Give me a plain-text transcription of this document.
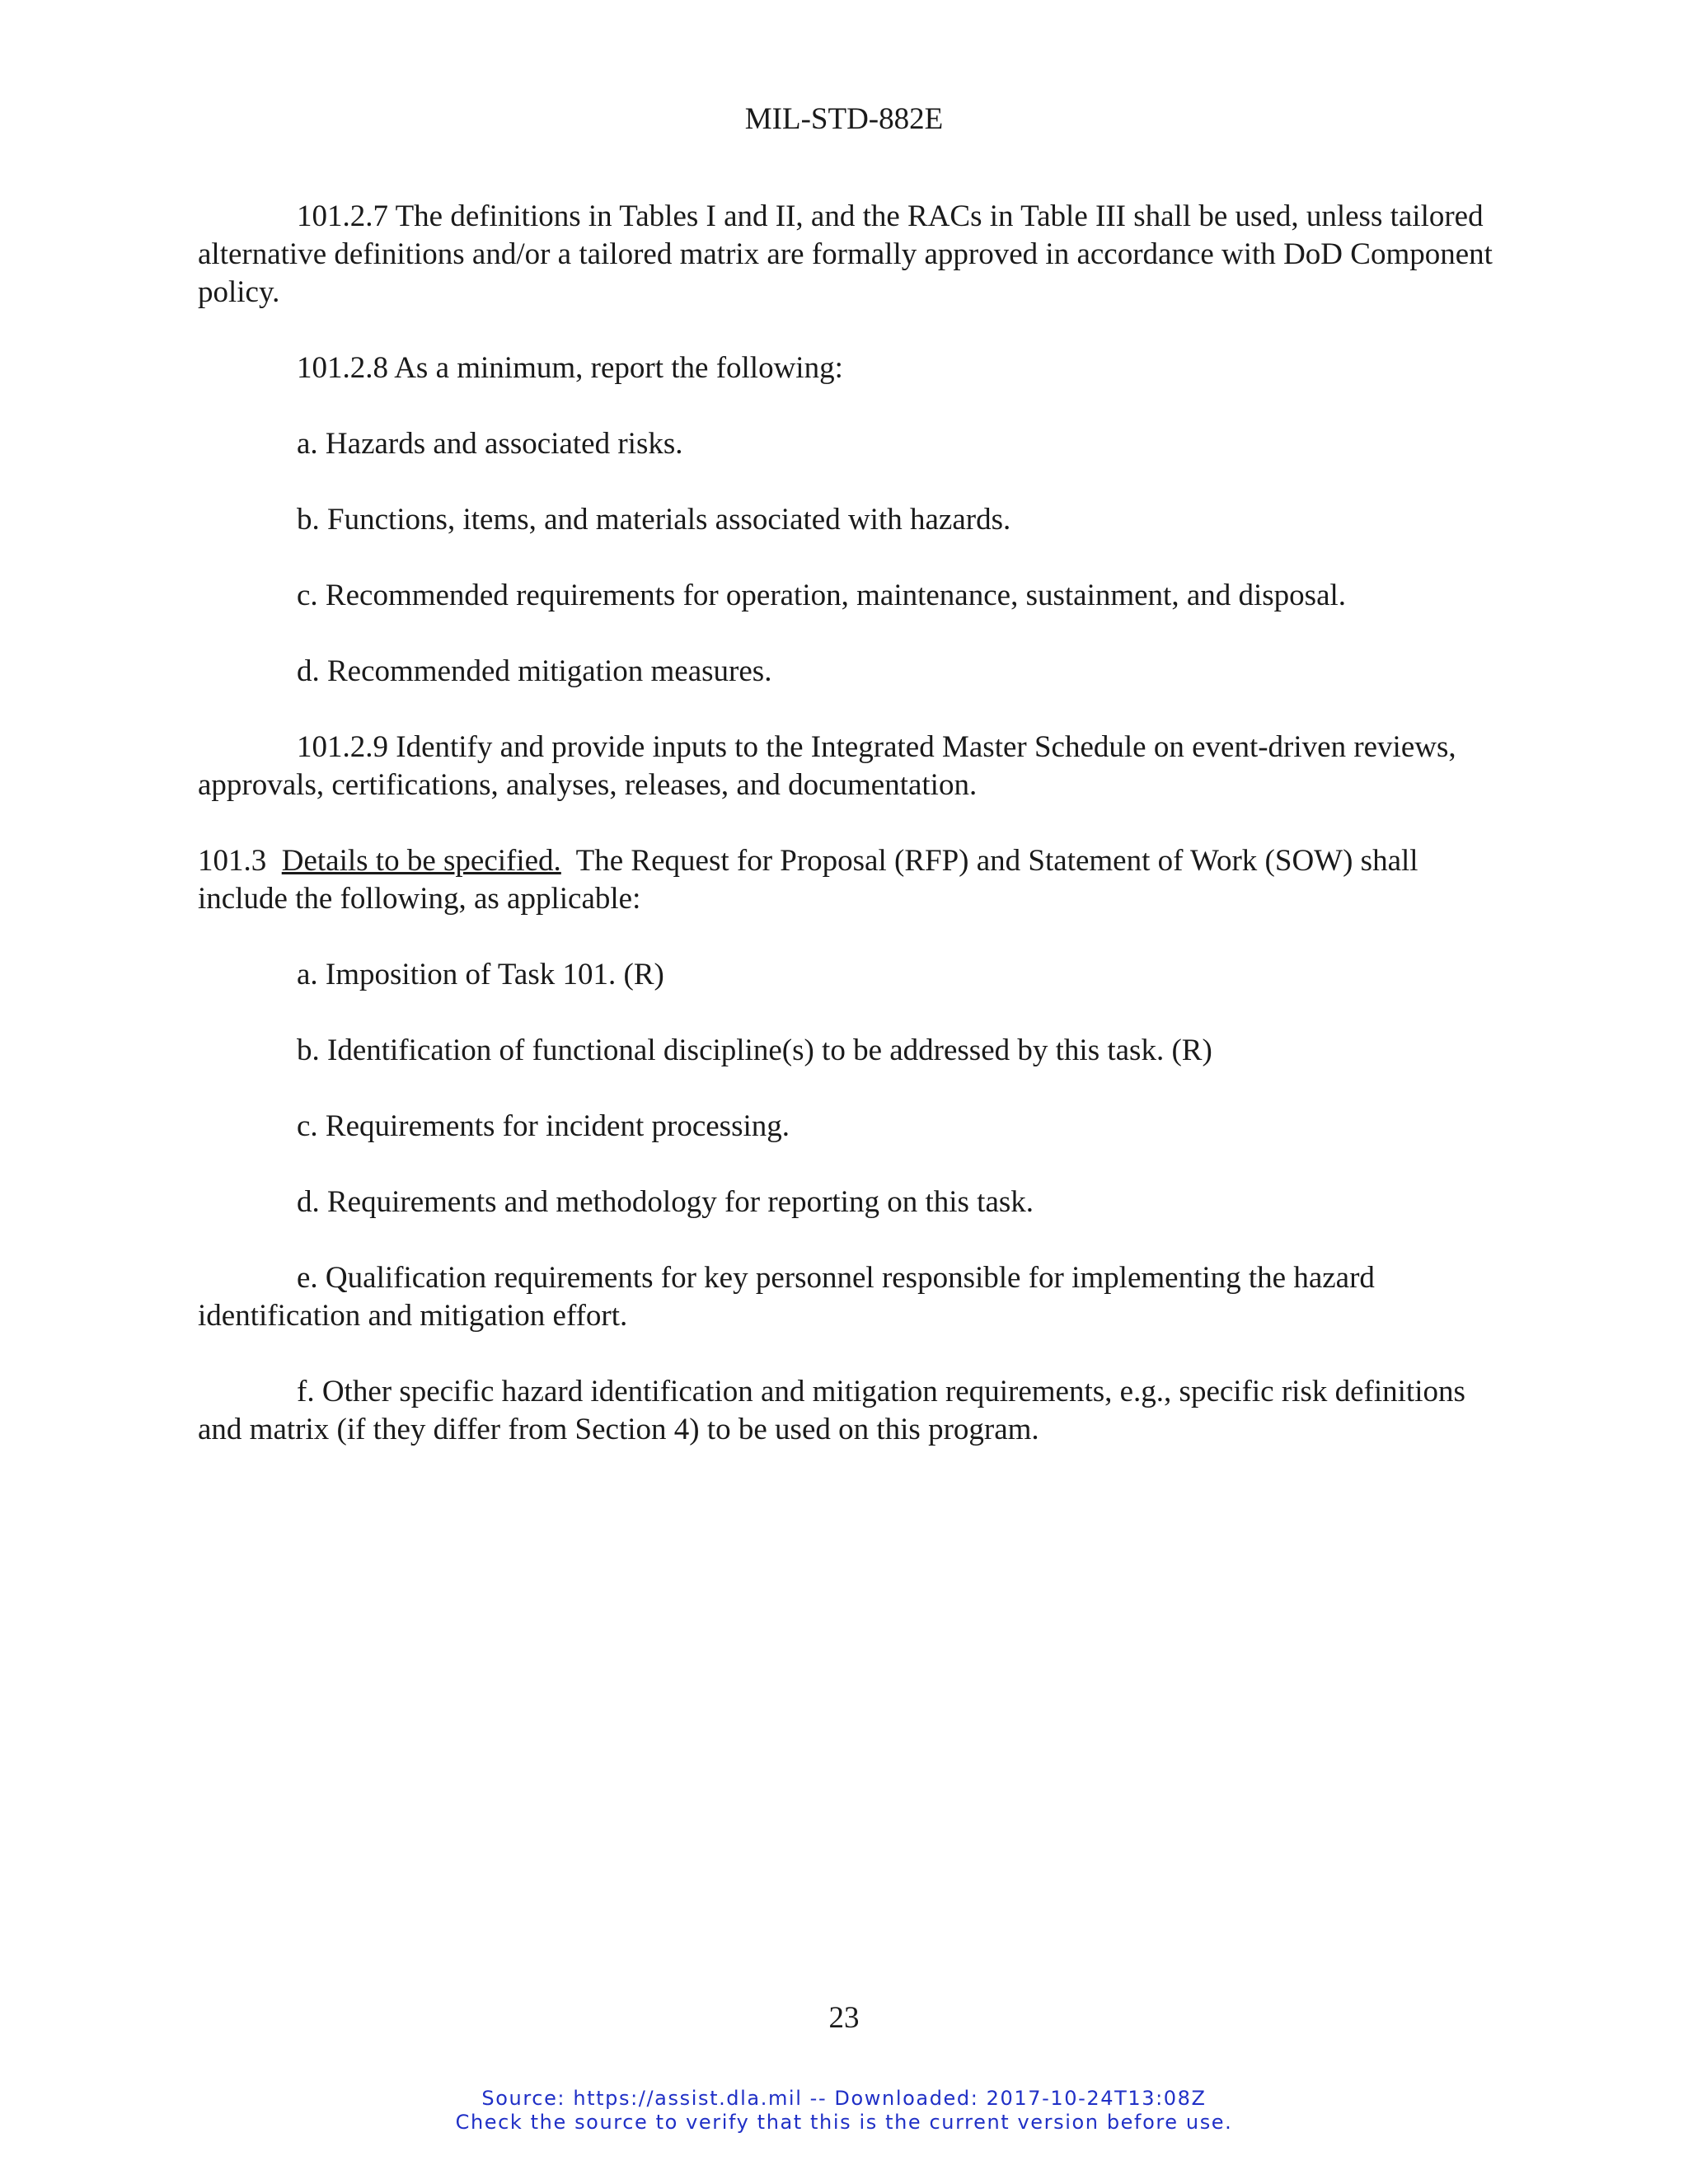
MIL-STD-882E

101.2.7 The definitions in Tables I and II, and the RACs in Table III shall be used, unless tailored alternative definitions and/or a tailored matrix are formally approved in accordance with DoD Component policy.

101.2.8 As a minimum, report the following:

a. Hazards and associated risks.

b. Functions, items, and materials associated with hazards.

c. Recommended requirements for operation, maintenance, sustainment, and disposal.

d. Recommended mitigation measures.

101.2.9 Identify and provide inputs to the Integrated Master Schedule on event-driven reviews, approvals, certifications, analyses, releases, and documentation.

101.3  Details to be specified.  The Request for Proposal (RFP) and Statement of Work (SOW) shall include the following, as applicable:

a. Imposition of Task 101. (R)

b. Identification of functional discipline(s) to be addressed by this task. (R)

c. Requirements for incident processing.

d. Requirements and methodology for reporting on this task.

e. Qualification requirements for key personnel responsible for implementing the hazard identification and mitigation effort.

f. Other specific hazard identification and mitigation requirements, e.g., specific risk definitions and matrix (if they differ from Section 4) to be used on this program.

23
Source: https://assist.dla.mil -- Downloaded: 2017-10-24T13:08Z
Check the source to verify that this is the current version before use.
